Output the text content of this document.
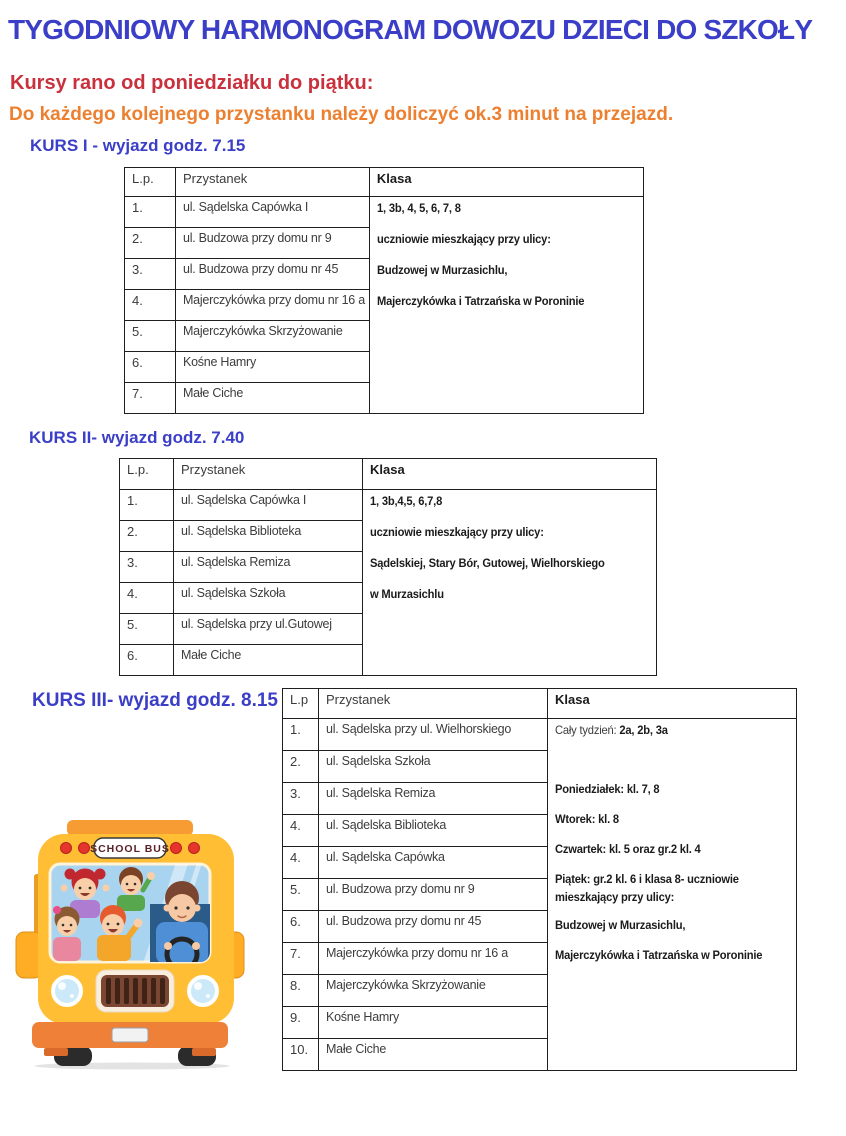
TYGODNIOWY HARMONOGRAM DOWOZU DZIECI DO SZKOŁY
Kursy rano od poniedziałku do piątku:
Do każdego kolejnego przystanku należy doliczyć ok.3 minut na przejazd.
KURS I - wyjazd godz. 7.15
L.p.	Przystanek	Klasa
1.	ul. Sądelska Capówka I	1, 3b, 4, 5, 6, 7, 8
uczniowie mieszkający przy ulicy:
Budzowej w Murzasichlu,
Majerczykówka i Tatrzańska w Poroninie

2.	ul. Budzowa przy domu nr 9	
3.	ul. Budzowa przy domu nr 45	
4.	Majerczykówka przy domu nr 16 a	
5.	Majerczykówka Skrzyżowanie	
6.	Kośne Hamry	
7.	Małe Ciche	
KURS II- wyjazd godz. 7.40
L.p.	Przystanek	Klasa
1.	ul. Sądelska Capówka I	1, 3b,4,5, 6,7,8
uczniowie mieszkający przy ulicy:
Sądelskiej, Stary Bór, Gutowej, Wielhorskiego
w Murzasichlu

2.	ul. Sądelska Biblioteka	
3.	ul. Sądelska Remiza	
4.	ul. Sądelska Szkoła	
5.	ul. Sądelska przy ul.Gutowej	
6.	Małe Ciche	
KURS III- wyjazd godz. 8.15 L.p	Przystanek	Klasa
1.	ul. Sądelska przy ul. Wielhorskiego	Cały tydzień: 2a, 2b, 3a
Poniedziałek: kl. 7, 8
Wtorek: kl. 8
Czwartek: kl. 5 oraz gr.2 kl. 4
Piątek: gr.2 kl. 6 i klasa 8- uczniowie
mieszkający przy ulicy:
Budzowej w Murzasichlu,
Majerczykówka i Tatrzańska w Poroninie

2.	ul. Sądelska Szkoła	
3.	ul. Sądelska Remiza	
4.	ul. Sądelska Biblioteka	
4.	ul. Sądelska Capówka	
5.	ul. Budzowa przy domu nr 9	
6.	ul. Budzowa przy domu nr 45	
7.	Majerczykówka przy domu nr 16 a	
8.	Majerczykówka Skrzyżowanie	
9.	Kośne Hamry	
10.	Małe Ciche	
SCHOOL BUS
